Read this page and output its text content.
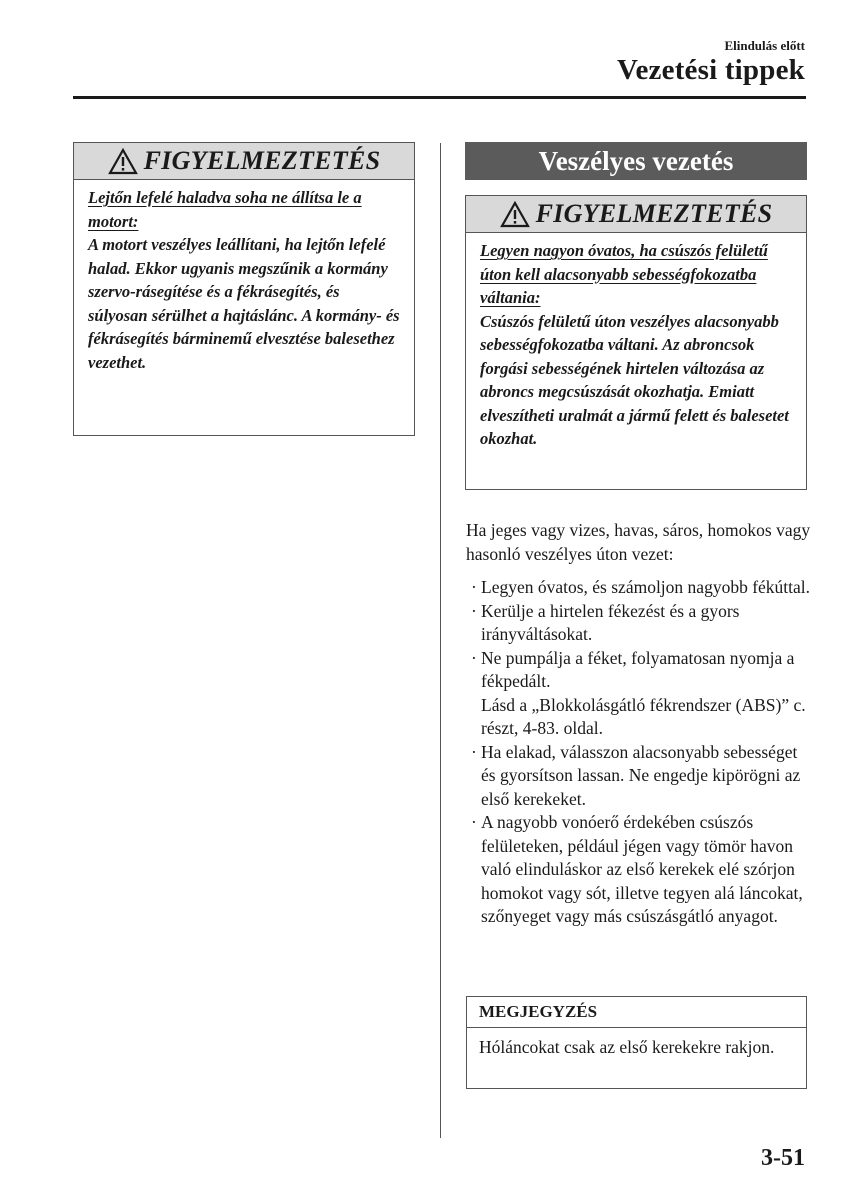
Elindulás előtt
Vezetési tippek
FIGYELMEZTETÉS
Lejtőn lefelé haladva soha ne állítsa le a motort:
A motort veszélyes leállítani, ha lejtőn lefelé halad. Ekkor ugyanis megszűnik a kormány szervo-rásegítése és a fékrásegítés, és súlyosan sérülhet a hajtáslánc. A kormány- és fékrásegítés bárminemű elvesztése balesethez vezethet.
Veszélyes vezetés
FIGYELMEZTETÉS
Legyen nagyon óvatos, ha csúszós felületű úton kell alacsonyabb sebességfokozatba váltania:
Csúszós felületű úton veszélyes alacsonyabb sebességfokozatba váltani. Az abroncsok forgási sebességének hirtelen változása az abroncs megcsúszását okozhatja. Emiatt elveszítheti uralmát a jármű felett és balesetet okozhat.
Ha jeges vagy vizes, havas, sáros, homokos vagy hasonló veszélyes úton vezet:
· Legyen óvatos, és számoljon nagyobb fékúttal.
· Kerülje a hirtelen fékezést és a gyors irányváltásokat.
· Ne pumpálja a féket, folyamatosan nyomja a fékpedált.
Lásd a „Blokkolásgátló fékrendszer (ABS)” c. részt, 4-83. oldal.
· Ha elakad, válasszon alacsonyabb sebességet és gyorsítson lassan. Ne engedje kipörögni az első kerekeket.
· A nagyobb vonóerő érdekében csúszós felületeken, például jégen vagy tömör havon való elinduláskor az első kerekek elé szórjon homokot vagy sót, illetve tegyen alá láncokat, szőnyeget vagy más csúszásgátló anyagot.
MEGJEGYZÉS
Hóláncokat csak az első kerekekre rakjon.
3-51
